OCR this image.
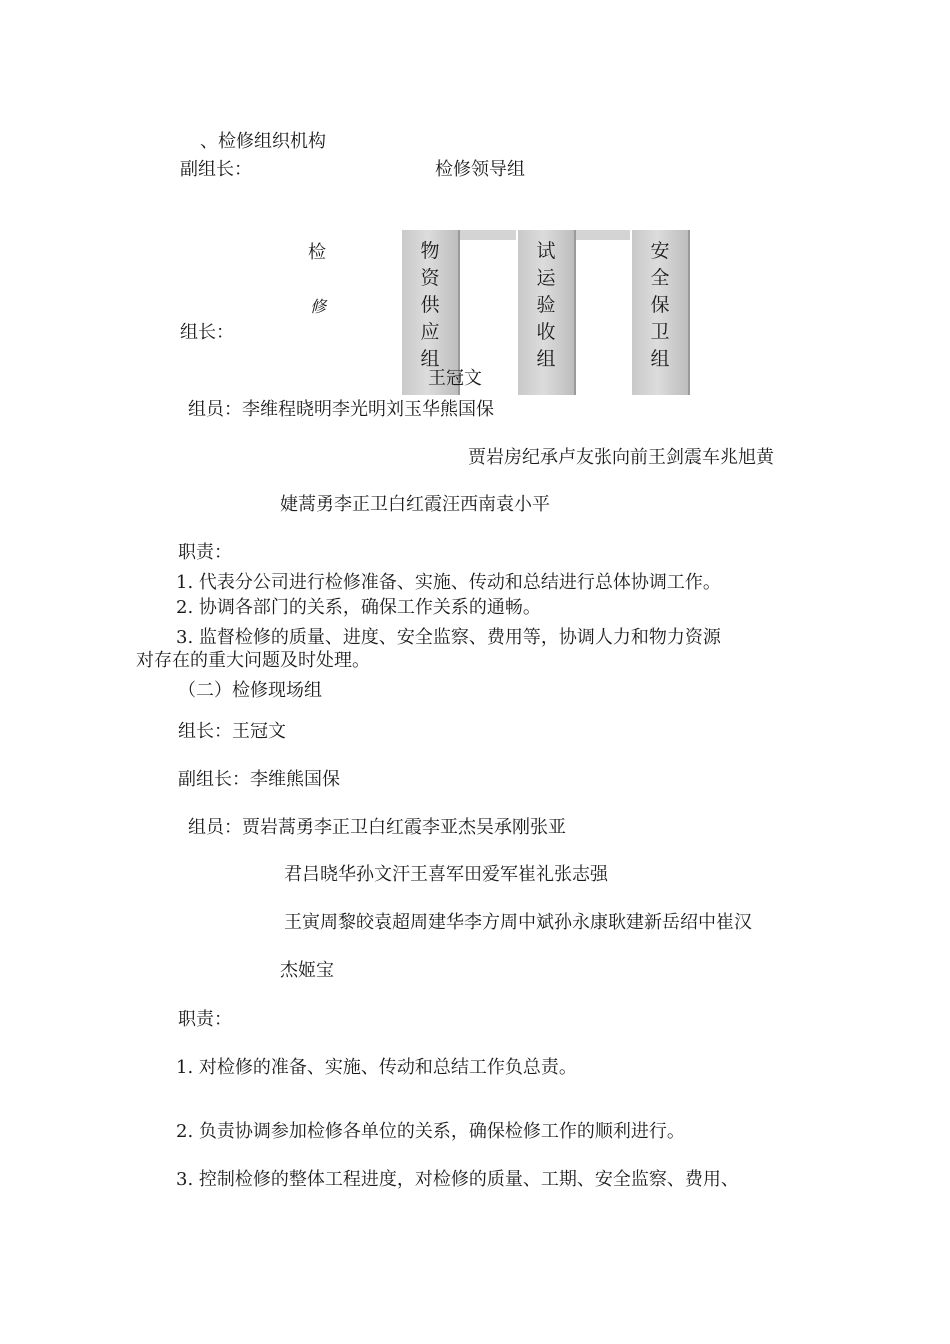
、检修组织机构
副组长：	检修领导组
检
修
组长：
物资供应组
试运验收组
安全保卫组
王冠文
组员：李维程晓明李光明刘玉华熊国保
贾岩房纪承卢友张向前王剑震车兆旭黄
婕蒿勇李正卫白红霞汪西南袁小平
职责：
1. 代表分公司进行检修准备、实施、传动和总结进行总体协调工作。
2. 协调各部门的关系，确保工作关系的通畅。
3. 监督检修的质量、进度、安全监察、费用等，协调人力和物力资源
对存在的重大问题及时处理。
（二）检修现场组
组长：王冠文
副组长：李维熊国保
组员：贾岩蒿勇李正卫白红霞李亚杰吴承刚张亚
君吕晓华孙文汗王喜军田爱军崔礼张志强
王寅周黎皎袁超周建华李方周中斌孙永康耿建新岳绍中崔汉
杰姬宝
职责：
1. 对检修的准备、实施、传动和总结工作负总责。
2. 负责协调参加检修各单位的关系，确保检修工作的顺利进行。
3. 控制检修的整体工程进度，对检修的质量、工期、安全监察、费用、
